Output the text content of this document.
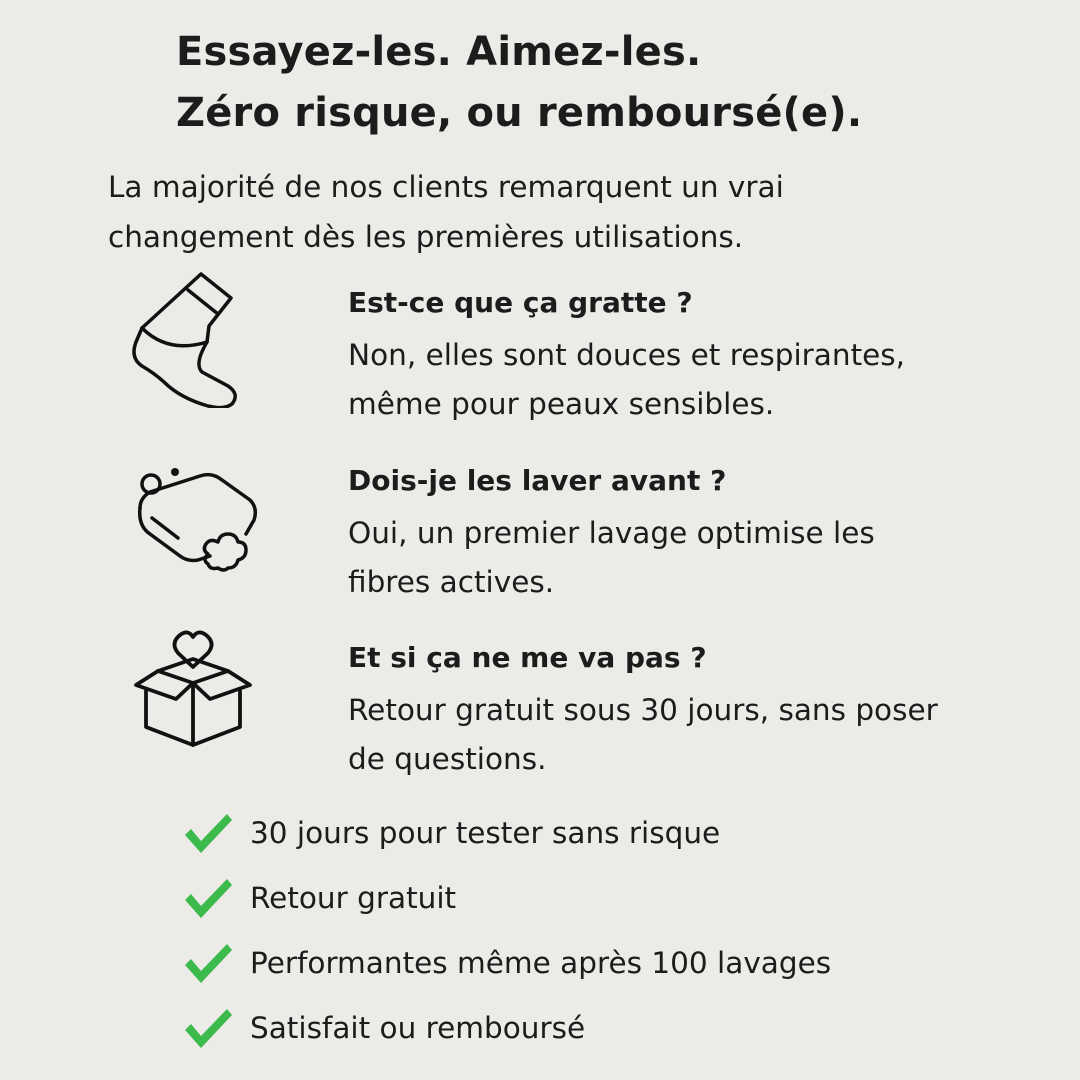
Essayez-les. Aimez-les.
Zéro risque, ou remboursé(e).

La majorité de nos clients remarquent un vrai
changement dès les premières utilisations.

Est-ce que ça gratte ?

Non, elles sont douces et respirantes,
même pour peaux sensibles.

Dois-je les laver avant ?

Oui, un premier lavage optimise les
fibres actives.

Et si ça ne me va pas ?

Retour gratuit sous 30 jours, sans poser
de questions.

30 jours pour tester sans risque
Retour gratuit
Performantes même après 100 lavages
Satisfait ou remboursé
